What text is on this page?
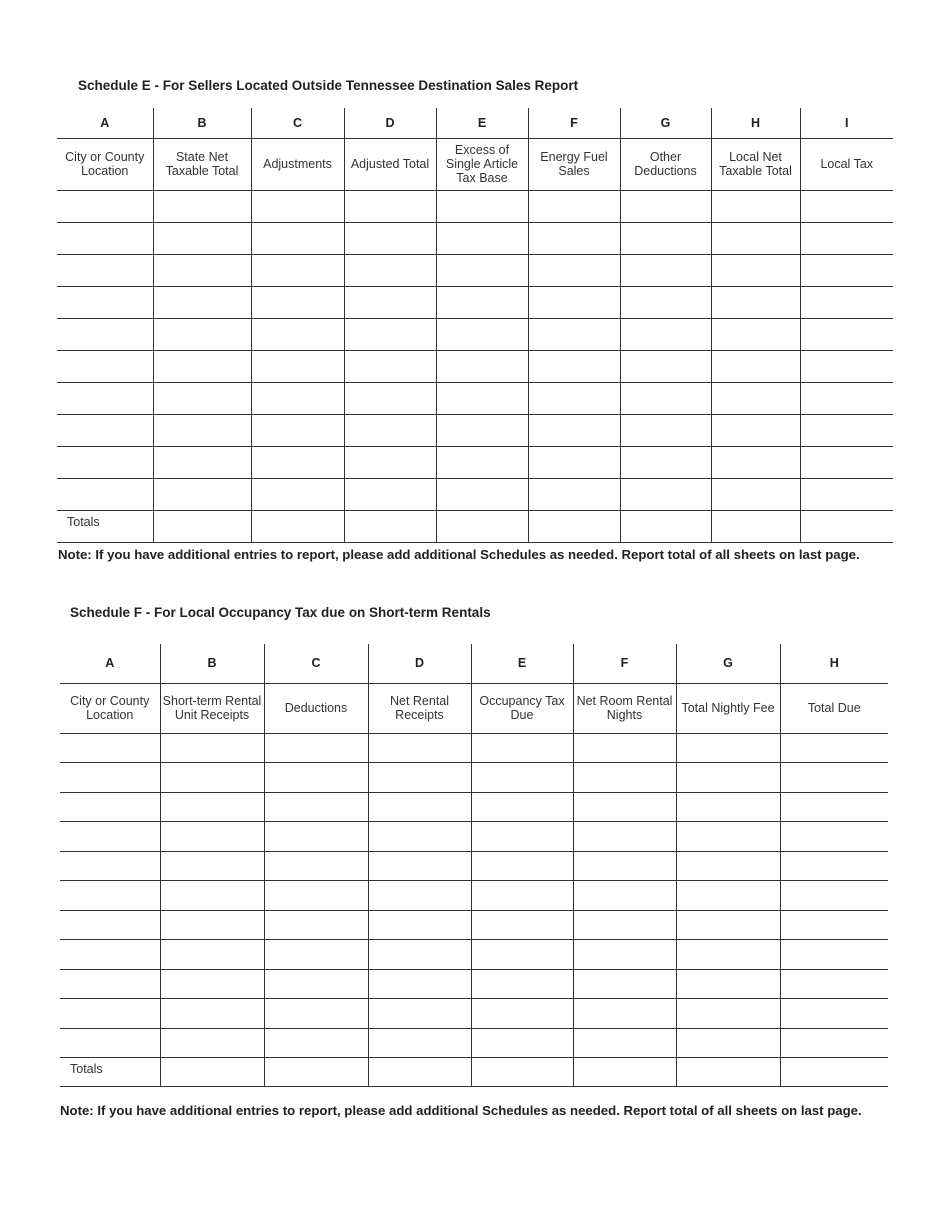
Schedule E - For Sellers Located Outside Tennessee Destination Sales Report
A	B	C	D	E	F	G	H	I
City or County Location	State Net Taxable Total	Adjustments	Adjusted Total	Excess of Single Article Tax Base	Energy Fuel Sales	Other Deductions	Local Net Taxable Total	Local Tax

Totals								
Note: If you have additional entries to report, please add additional Schedules as needed. Report total of all sheets on last page.
Schedule F - For Local Occupancy Tax due on Short-term Rentals
A	B	C	D	E	F	G	H
City or County Location	Short-term Rental Unit Receipts	Deductions	Net Rental Receipts	Occupancy Tax Due	Net Room Rental Nights	Total Nightly Fee	Total Due

Totals							
Note: If you have additional entries to report, please add additional Schedules as needed. Report total of all sheets on last page.
